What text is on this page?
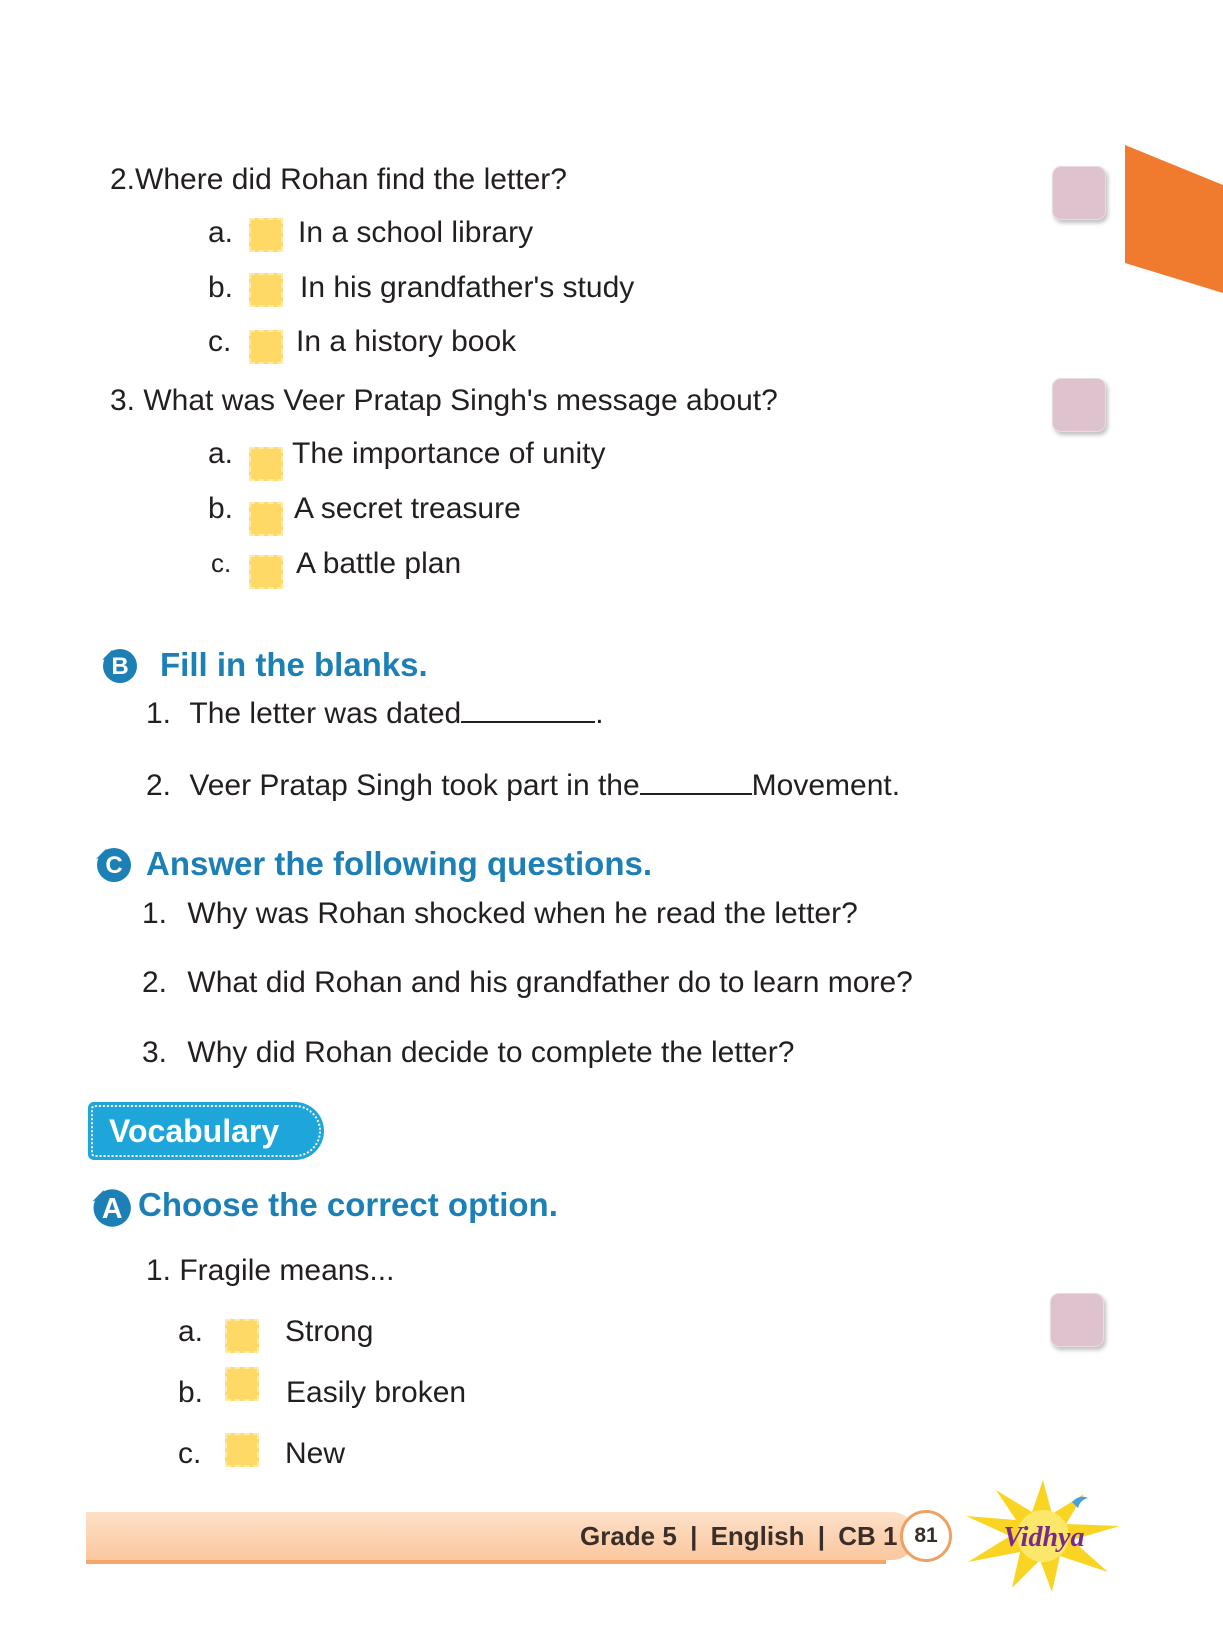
2.Where did Rohan find the letter?
a. In a school library
b. In his grandfather's study
c. In a history book
3. What was Veer Pratap Singh's message about?
a. The importance of unity
b. A secret treasure
c. A battle plan
B Fill in the blanks.
1. The letter was dated	.
2. Veer Pratap Singh took part in the	Movement.
C Answer the following questions.
1. Why was Rohan shocked when he read the letter?
2. What did Rohan and his grandfather do to learn more?
3. Why did Rohan decide to complete the letter?
Vocabulary
A Choose the correct option.
1. Fragile means...
a.	Strong
b.	Easily broken
c.	New
Grade 5 | English | CB 1 81 Vidhya
